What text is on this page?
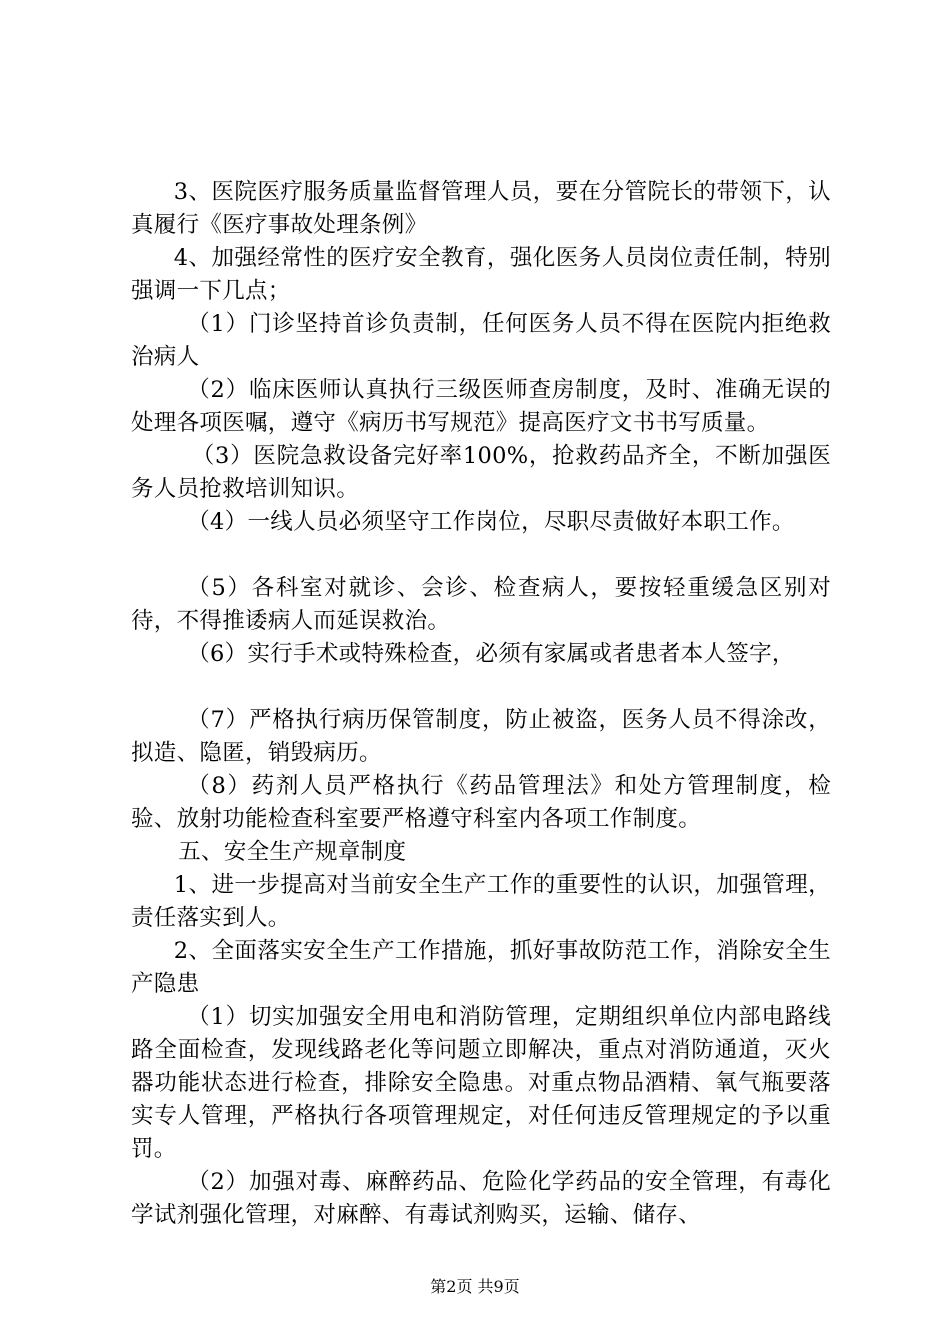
3、医院医疗服务质量监督管理人员，要在分管院长的带领下，认真履行《医疗事故处理条例》

4、加强经常性的医疗安全教育，强化医务人员岗位责任制，特别强调一下几点；

（1）门诊坚持首诊负责制，任何医务人员不得在医院内拒绝救治病人

（2）临床医师认真执行三级医师查房制度，及时、准确无误的处理各项医嘱，遵守《病历书写规范》提高医疗文书书写质量。

（3）医院急救设备完好率100%，抢救药品齐全，不断加强医务人员抢救培训知识。

（4）一线人员必须坚守工作岗位，尽职尽责做好本职工作。

（5）各科室对就诊、会诊、检查病人，要按轻重缓急区别对待，不得推诿病人而延误救治。

（6）实行手术或特殊检查，必须有家属或者患者本人签字，

（7）严格执行病历保管制度，防止被盗，医务人员不得涂改，拟造、隐匿，销毁病历。

（8）药剂人员严格执行《药品管理法》和处方管理制度，检验、放射功能检查科室要严格遵守科室内各项工作制度。

五、安全生产规章制度

1、进一步提高对当前安全生产工作的重要性的认识，加强管理，责任落实到人。

2、全面落实安全生产工作措施，抓好事故防范工作，消除安全生产隐患

（1）切实加强安全用电和消防管理，定期组织单位内部电路线路全面检查，发现线路老化等问题立即解决，重点对消防通道，灭火器功能状态进行检查，排除安全隐患。对重点物品酒精、氧气瓶要落实专人管理，严格执行各项管理规定，对任何违反管理规定的予以重罚。

（2）加强对毒、麻醉药品、危险化学药品的安全管理，有毒化学试剂强化管理，对麻醉、有毒试剂购买，运输、储存、

第2页 共9页
